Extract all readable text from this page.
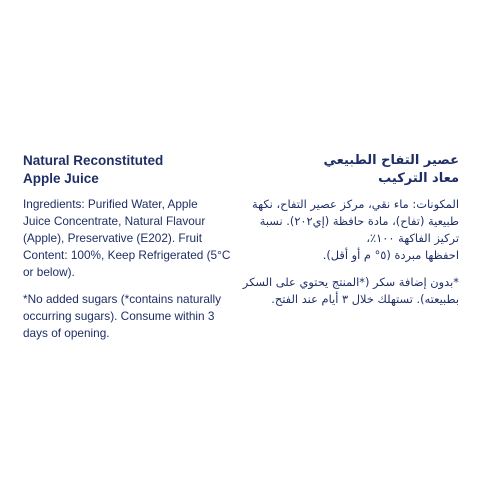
Natural Reconstituted
Apple Juice
Ingredients: Purified Water, Apple
Juice Concentrate, Natural Flavour
(Apple), Preservative (E202). Fruit
Content: 100%, Keep Refrigerated (5°C
or below).
*No added sugars (*contains naturally
occurring sugars). Consume within 3
days of opening.
عصير التفاح الطبيعي
معاد التركيب
المكونات: ماء نقي، مركز عصير التفاح، نكهة
طبيعية (تفاح)، مادة حافظة (إي٢٠٢). نسبة
تركيز الفاكهة ١٠٠٪،
احفظها مبردة (٥° م أو أقل).
*بدون إضافة سكر (*المنتج يحتوي على السكر
بطبيعته). تستهلك خلال ٣ أيام عند الفتح.
